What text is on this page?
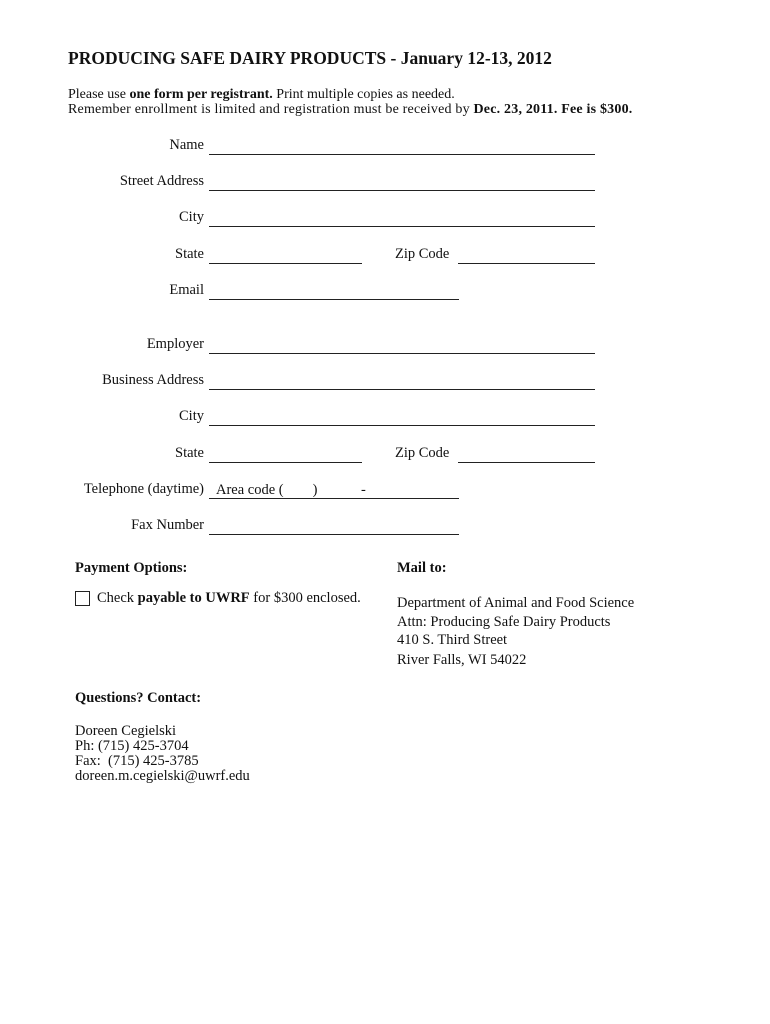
PRODUCING SAFE DAIRY PRODUCTS - January 12-13, 2012
Please use one form per registrant. Print multiple copies as needed.
Remember enrollment is limited and registration must be received by Dec. 23, 2011. Fee is $300.
Name
Street Address
City
State	Zip Code
Email
Employer
Business Address
City
State	Zip Code
Telephone (daytime) Area code (        )            -
Fax Number
Payment Options:
Check payable to UWRF for $300 enclosed.
Mail to:
Department of Animal and Food Science
Attn: Producing Safe Dairy Products
410 S. Third Street
River Falls, WI 54022
Questions? Contact:
Doreen Cegielski
Ph: (715) 425-3704
Fax:  (715) 425-3785
doreen.m.cegielski@uwrf.edu
